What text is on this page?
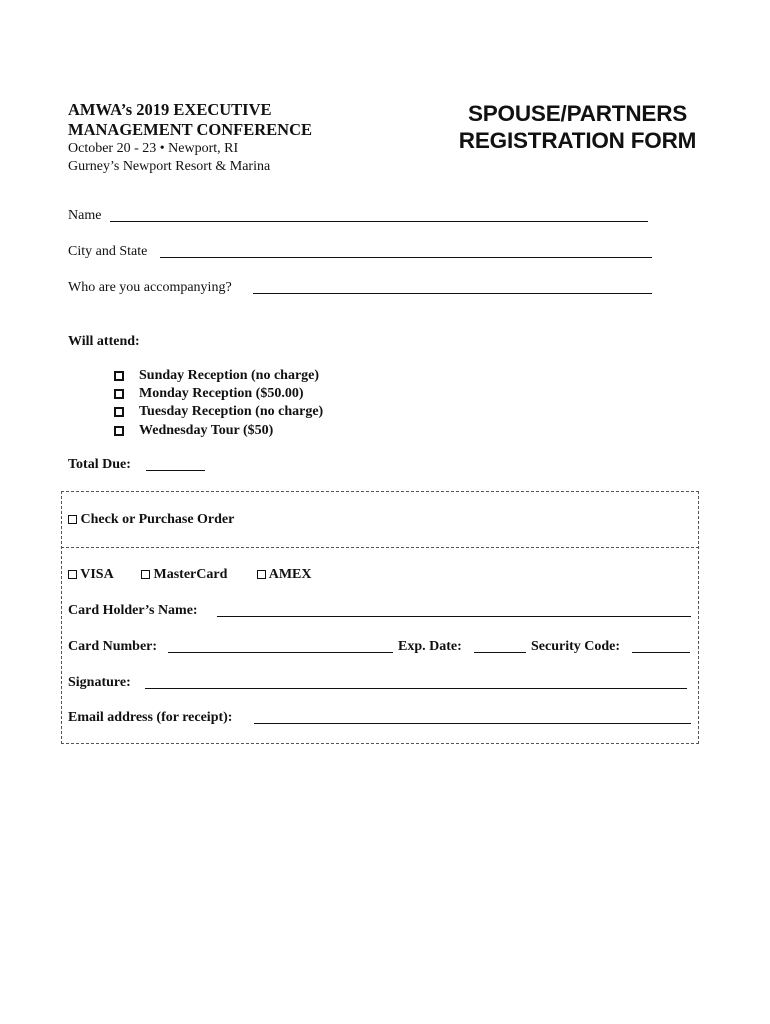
AMWA’s 2019 EXECUTIVE
MANAGEMENT CONFERENCE
October 20 - 23 • Newport, RI
Gurney’s Newport Resort & Marina
SPOUSE/PARTNERS
REGISTRATION FORM
Name
City and State
Who are you accompanying?
Will attend:
Sunday Reception (no charge)
Monday Reception ($50.00)
Tuesday Reception (no charge)
Wednesday Tour ($50)
Total Due:
Check or Purchase Order
VISA	MasterCard	AMEX
Card Holder’s Name:
Card Number:	Exp. Date:	Security Code:
Signature:
Email address (for receipt):
